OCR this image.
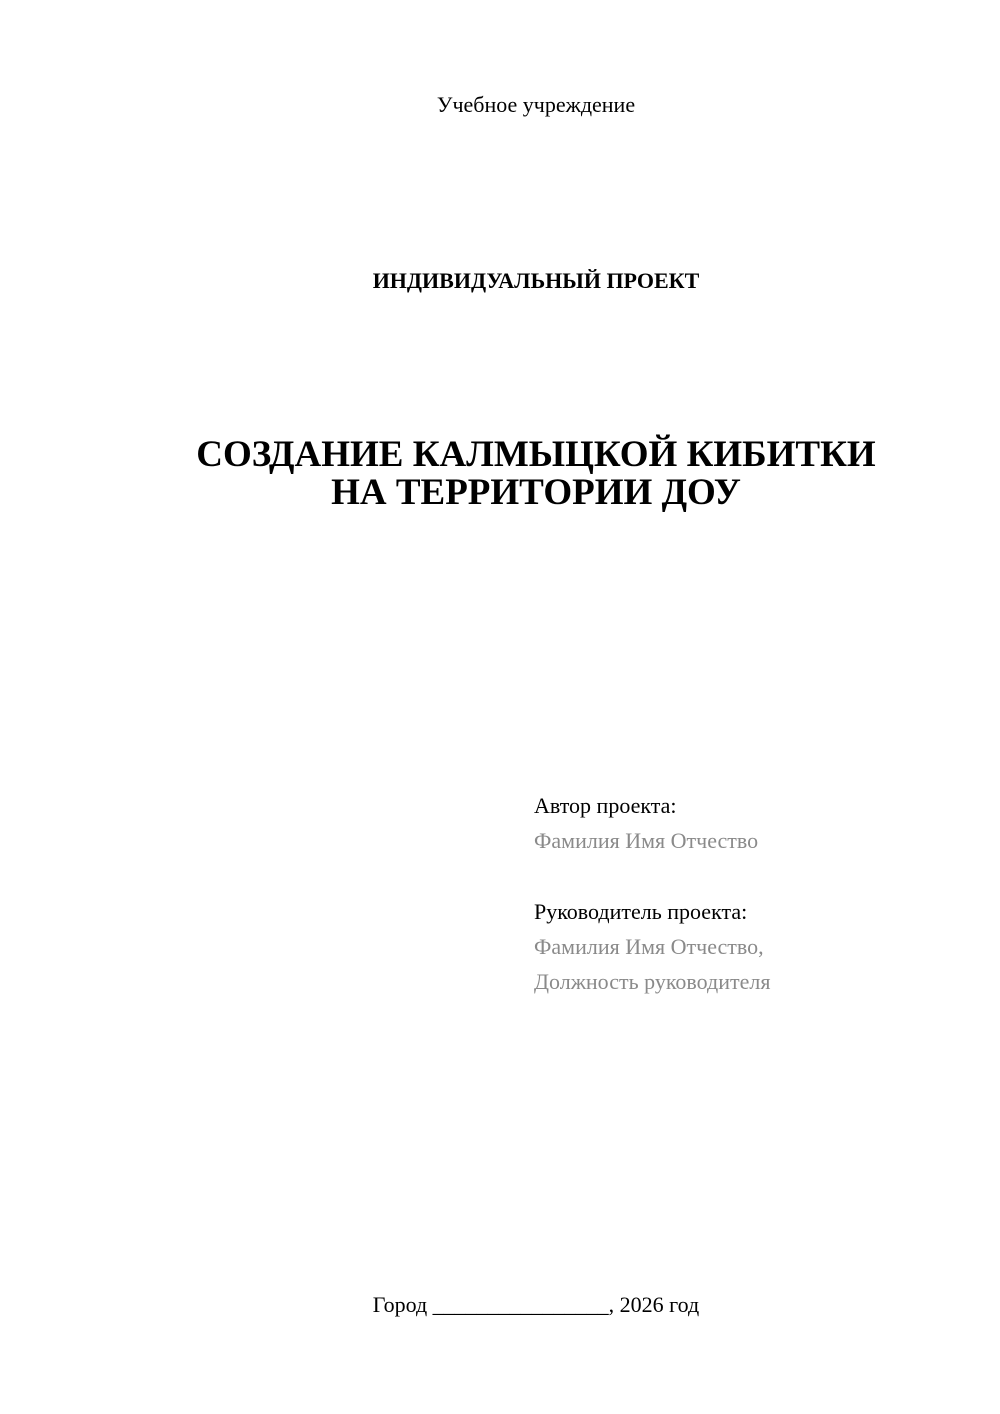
Учебное учреждение
ИНДИВИДУАЛЬНЫЙ ПРОЕКТ
СОЗДАНИЕ КАЛМЫЦКОЙ КИБИТКИ
НА ТЕРРИТОРИИ ДОУ
Автор проекта:
Фамилия Имя Отчество
Руководитель проекта:
Фамилия Имя Отчество,
Должность руководителя
Город ________________, 2026 год
